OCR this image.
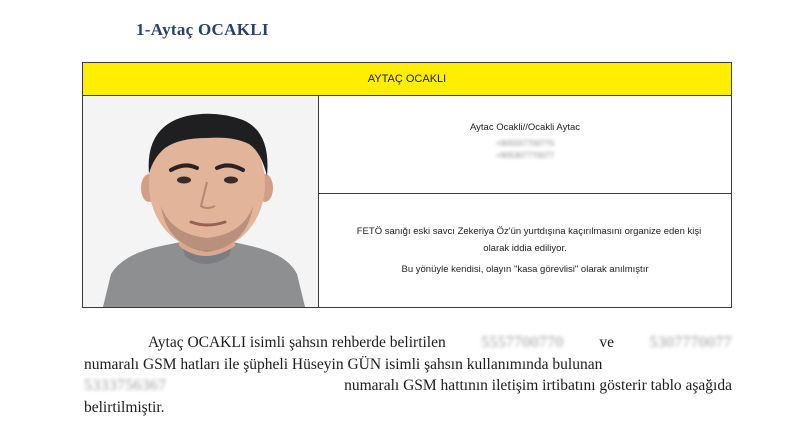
1-Aytaç OCAKLI
AYTAÇ OCAKLI
Aytac Ocakli//Ocakli Aytac
+905557700770
+905307770077
FETÖ sanığı eski savcı Zekeriya Öz'ün yurtdışına kaçırılmasını organize eden kişi
olarak iddia ediliyor.
Bu yönüyle kendisi, olayın "kasa görevlisi" olarak anılmıştır
Aytaç OCAKLI isimli şahsın rehberde belirtilen 5557700770 ve 5307770077
numaralı GSM hatları ile şüpheli Hüseyin GÜN isimli şahsın kullanımında bulunan
5333756367	numaralı GSM hattının iletişim irtibatını gösterir tablo aşağıda
belirtilmiştir.
